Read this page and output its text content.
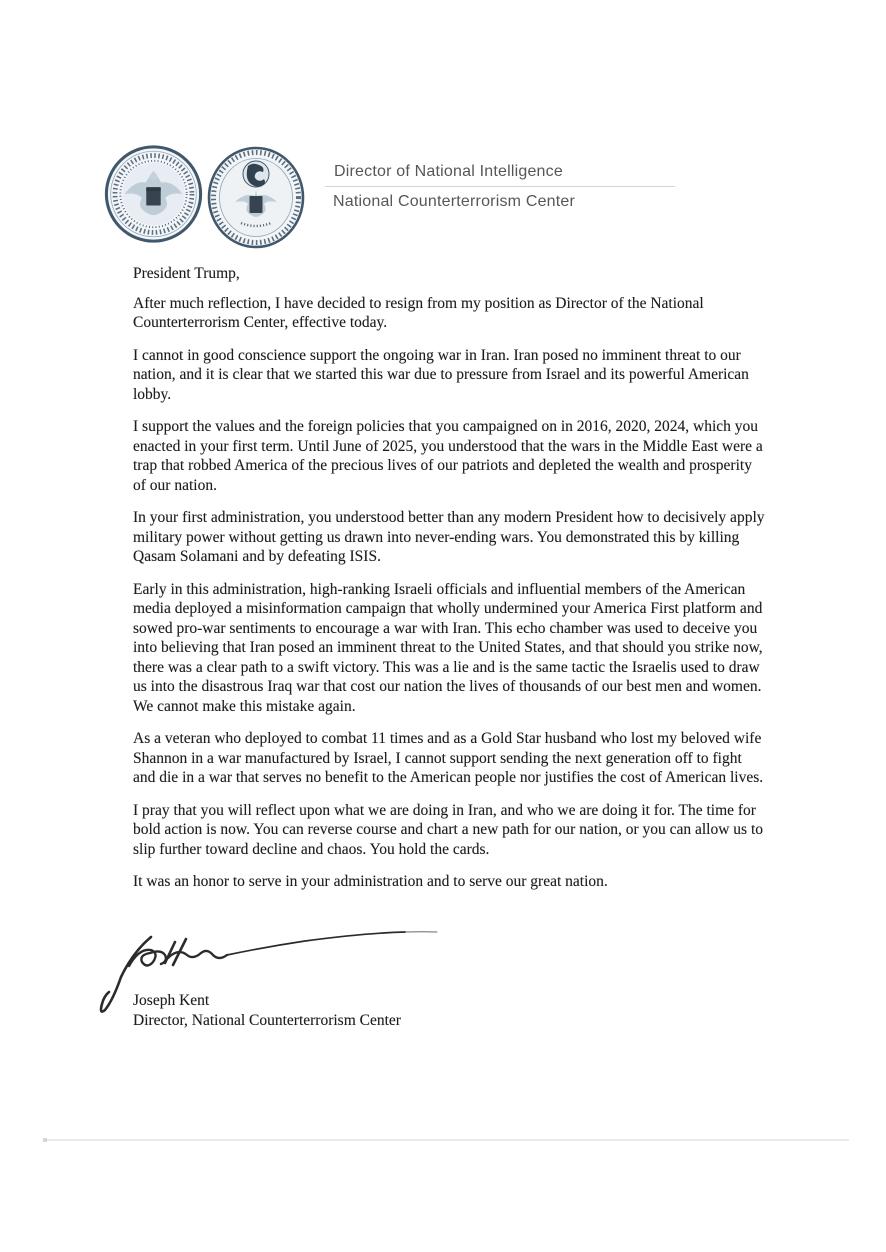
Director of National Intelligence
National Counterterrorism Center

President Trump,

After much reflection, I have decided to resign from my position as Director of the National Counterterrorism Center, effective today.

I cannot in good conscience support the ongoing war in Iran. Iran posed no imminent threat to our nation, and it is clear that we started this war due to pressure from Israel and its powerful American lobby.

I support the values and the foreign policies that you campaigned on in 2016, 2020, 2024, which you enacted in your first term. Until June of 2025, you understood that the wars in the Middle East were a trap that robbed America of the precious lives of our patriots and depleted the wealth and prosperity of our nation.

In your first administration, you understood better than any modern President how to decisively apply military power without getting us drawn into never-ending wars. You demonstrated this by killing Qasam Solamani and by defeating ISIS.

Early in this administration, high-ranking Israeli officials and influential members of the American media deployed a misinformation campaign that wholly undermined your America First platform and sowed pro-war sentiments to encourage a war with Iran. This echo chamber was used to deceive you into believing that Iran posed an imminent threat to the United States, and that should you strike now, there was a clear path to a swift victory. This was a lie and is the same tactic the Israelis used to draw us into the disastrous Iraq war that cost our nation the lives of thousands of our best men and women. We cannot make this mistake again.

As a veteran who deployed to combat 11 times and as a Gold Star husband who lost my beloved wife Shannon in a war manufactured by Israel, I cannot support sending the next generation off to fight and die in a war that serves no benefit to the American people nor justifies the cost of American lives.

I pray that you will reflect upon what we are doing in Iran, and who we are doing it for. The time for bold action is now. You can reverse course and chart a new path for our nation, or you can allow us to slip further toward decline and chaos. You hold the cards.

It was an honor to serve in your administration and to serve our great nation.

Joseph Kent
Director, National Counterterrorism Center
